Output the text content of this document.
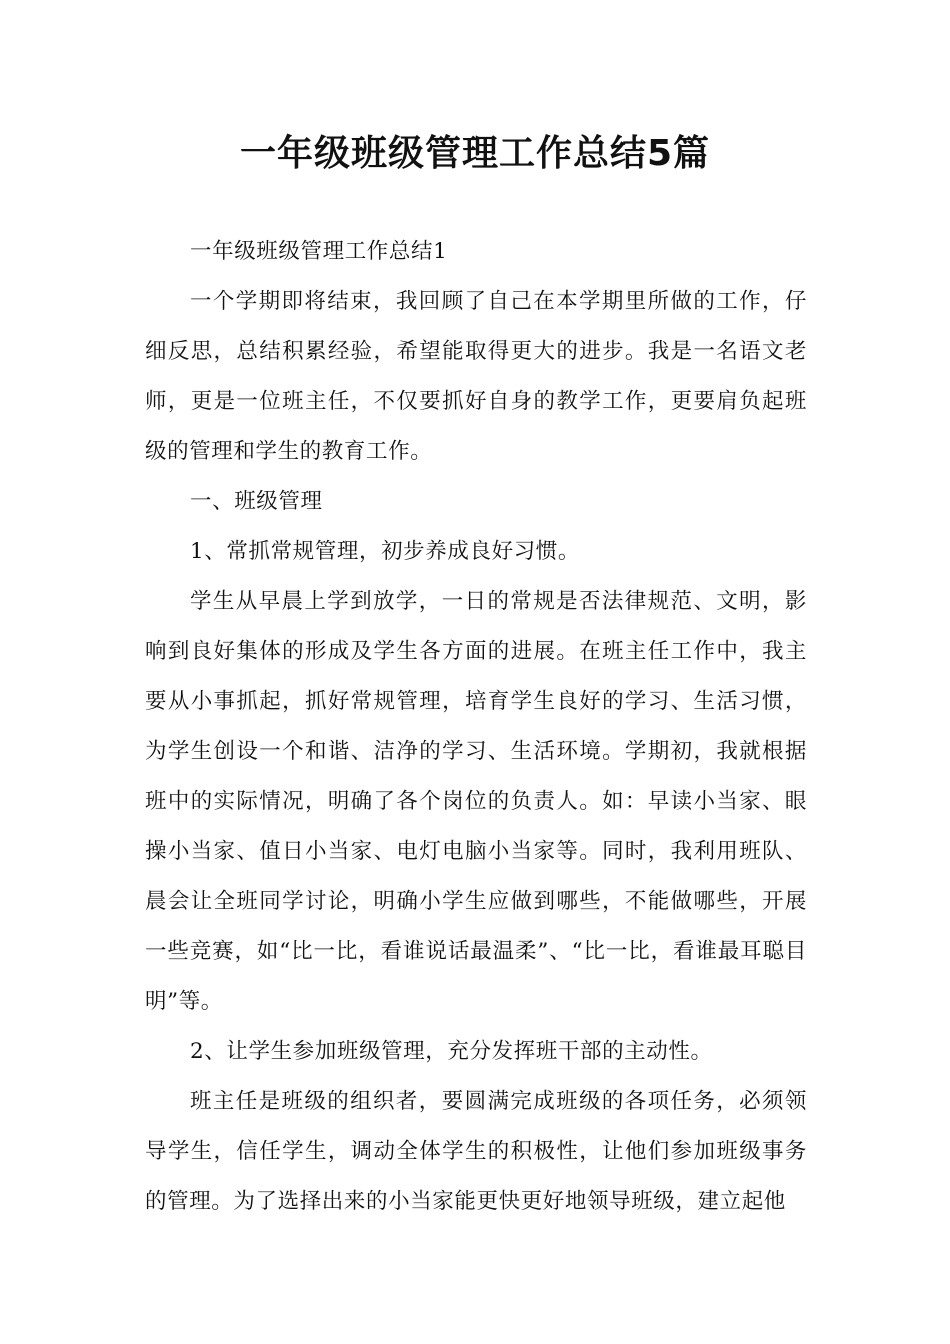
一年级班级管理工作总结5篇

一年级班级管理工作总结1

一个学期即将结束，我回顾了自己在本学期里所做的工作，仔细反思，总结积累经验，希望能取得更大的进步。我是一名语文老师，更是一位班主任，不仅要抓好自身的教学工作，更要肩负起班级的管理和学生的教育工作。

一、班级管理

1、常抓常规管理，初步养成良好习惯。

学生从早晨上学到放学，一日的常规是否法律规范、文明，影响到良好集体的形成及学生各方面的进展。在班主任工作中，我主要从小事抓起，抓好常规管理，培育学生良好的学习、生活习惯，为学生创设一个和谐、洁净的学习、生活环境。学期初，我就根据班中的实际情况，明确了各个岗位的负责人。如：早读小当家、眼操小当家、值日小当家、电灯电脑小当家等。同时，我利用班队、晨会让全班同学讨论，明确小学生应做到哪些，不能做哪些，开展一些竞赛，如“比一比，看谁说话最温柔”、“比一比，看谁最耳聪目明”等。

2、让学生参加班级管理，充分发挥班干部的主动性。

班主任是班级的组织者，要圆满完成班级的各项任务，必须领导学生，信任学生，调动全体学生的积极性，让他们参加班级事务的管理。为了选择出来的小当家能更快更好地领导班级，建立起他
